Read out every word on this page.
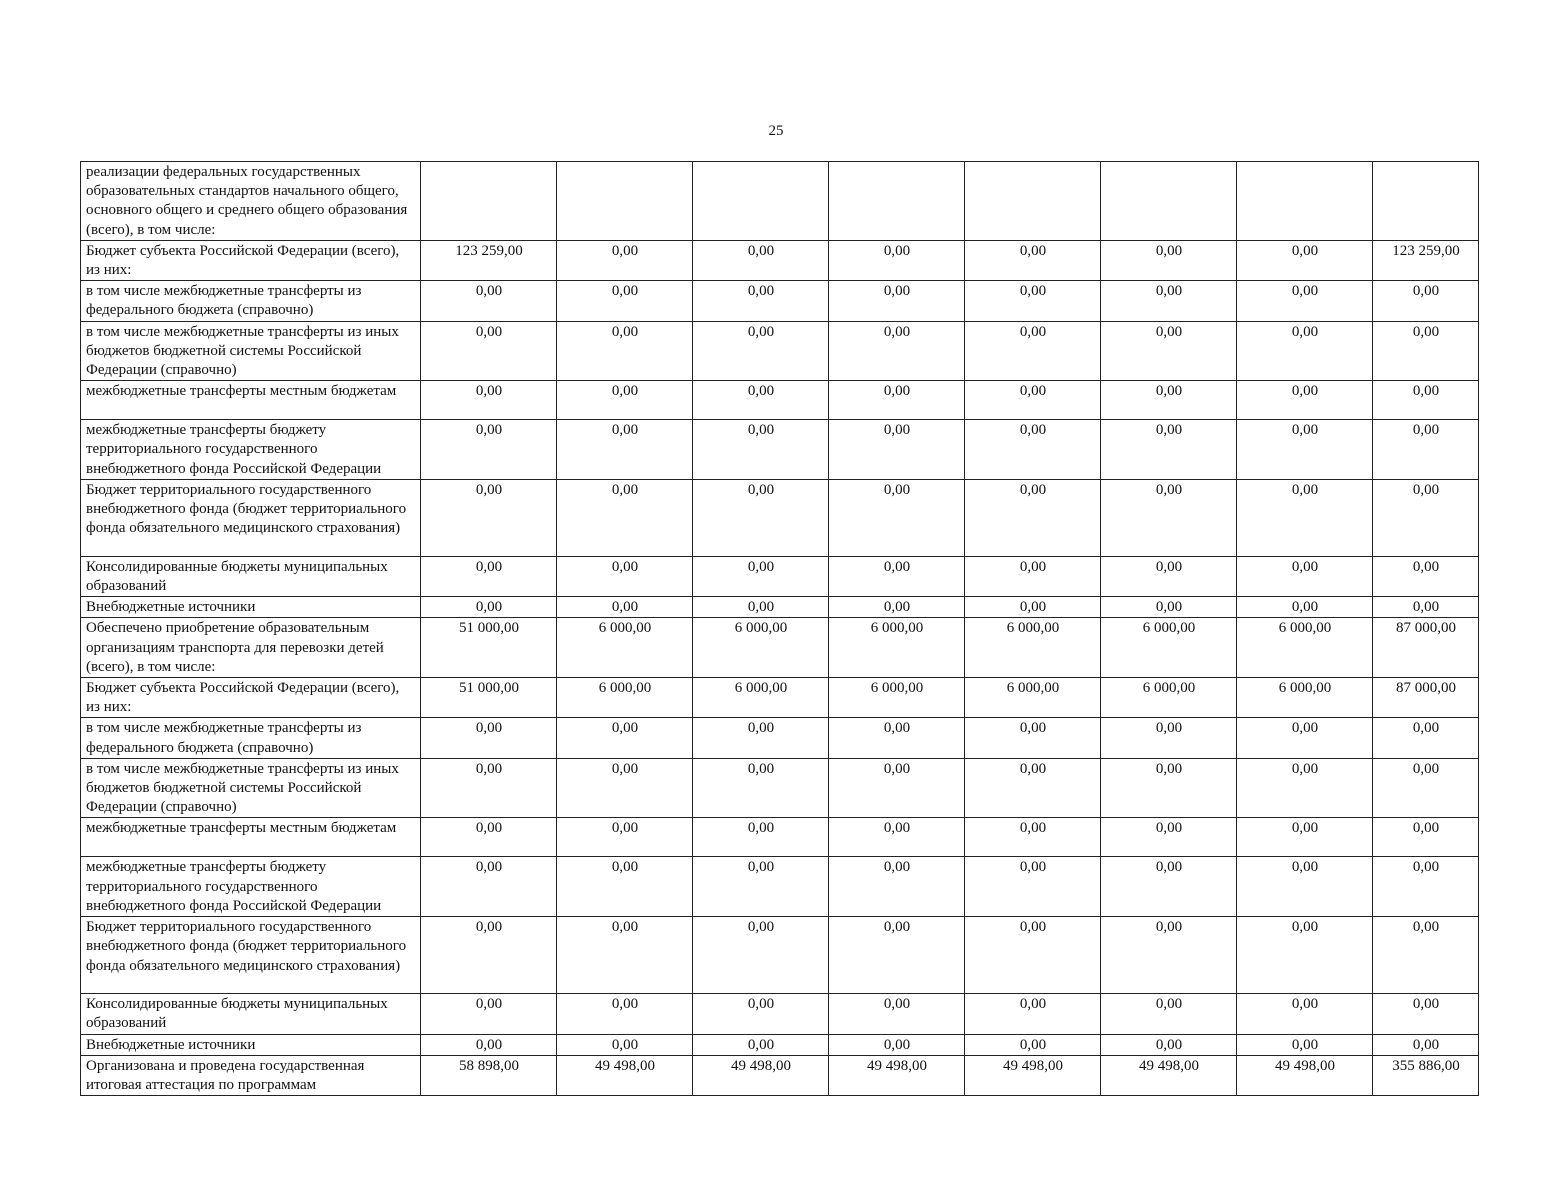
25
реализации федеральных государственных образовательных стандартов начального общего, основного общего и среднего общего образования (всего), в том числе:								
Бюджет субъекта Российской Федерации (всего), из них:	123 259,00	0,00	0,00	0,00	0,00	0,00	0,00	123 259,00
в том числе межбюджетные трансферты из федерального бюджета (справочно)	0,00	0,00	0,00	0,00	0,00	0,00	0,00	0,00
в том числе межбюджетные трансферты из иных бюджетов бюджетной системы Российской Федерации (справочно)	0,00	0,00	0,00	0,00	0,00	0,00	0,00	0,00
межбюджетные трансферты местным бюджетам	0,00	0,00	0,00	0,00	0,00	0,00	0,00	0,00
межбюджетные трансферты бюджету территориального государственного внебюджетного фонда Российской Федерации	0,00	0,00	0,00	0,00	0,00	0,00	0,00	0,00
Бюджет территориального государственного внебюджетного фонда (бюджет территориального фонда обязательного медицинского страхования)	0,00	0,00	0,00	0,00	0,00	0,00	0,00	0,00
Консолидированные бюджеты муниципальных образований	0,00	0,00	0,00	0,00	0,00	0,00	0,00	0,00
Внебюджетные источники	0,00	0,00	0,00	0,00	0,00	0,00	0,00	0,00
Обеспечено приобретение образовательным организациям транспорта для перевозки детей (всего), в том числе:	51 000,00	6 000,00	6 000,00	6 000,00	6 000,00	6 000,00	6 000,00	87 000,00
Бюджет субъекта Российской Федерации (всего), из них:	51 000,00	6 000,00	6 000,00	6 000,00	6 000,00	6 000,00	6 000,00	87 000,00
в том числе межбюджетные трансферты из федерального бюджета (справочно)	0,00	0,00	0,00	0,00	0,00	0,00	0,00	0,00
в том числе межбюджетные трансферты из иных бюджетов бюджетной системы Российской Федерации (справочно)	0,00	0,00	0,00	0,00	0,00	0,00	0,00	0,00
межбюджетные трансферты местным бюджетам	0,00	0,00	0,00	0,00	0,00	0,00	0,00	0,00
межбюджетные трансферты бюджету территориального государственного внебюджетного фонда Российской Федерации	0,00	0,00	0,00	0,00	0,00	0,00	0,00	0,00
Бюджет территориального государственного внебюджетного фонда (бюджет территориального фонда обязательного медицинского страхования)	0,00	0,00	0,00	0,00	0,00	0,00	0,00	0,00
Консолидированные бюджеты муниципальных образований	0,00	0,00	0,00	0,00	0,00	0,00	0,00	0,00
Внебюджетные источники	0,00	0,00	0,00	0,00	0,00	0,00	0,00	0,00
Организована и проведена государственная итоговая аттестация по программам	58 898,00	49 498,00	49 498,00	49 498,00	49 498,00	49 498,00	49 498,00	355 886,00
